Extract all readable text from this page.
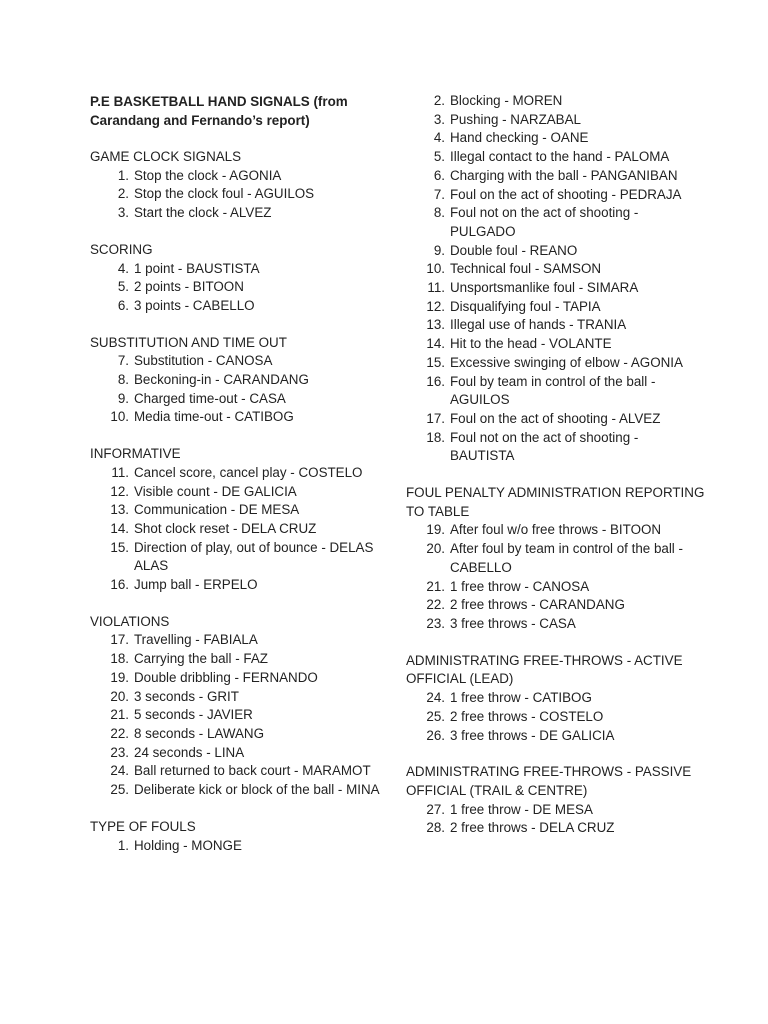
P.E BASKETBALL HAND SIGNALS (from Carandang and Fernando’s report)
GAME CLOCK SIGNALS
1. Stop the clock - AGONIA
2. Stop the clock foul - AGUILOS
3. Start the clock - ALVEZ
SCORING
4. 1 point - BAUSTISTA
5. 2 points - BITOON
6. 3 points - CABELLO
SUBSTITUTION AND TIME OUT
7. Substitution - CANOSA
8. Beckoning-in - CARANDANG
9. Charged time-out - CASA
10. Media time-out - CATIBOG
INFORMATIVE
11. Cancel score, cancel play - COSTELO
12. Visible count - DE GALICIA
13. Communication - DE MESA
14. Shot clock reset - DELA CRUZ
15. Direction of play, out of bounce - DELAS ALAS
16. Jump ball - ERPELO
VIOLATIONS
17. Travelling - FABIALA
18. Carrying the ball - FAZ
19. Double dribbling - FERNANDO
20. 3 seconds - GRIT
21. 5 seconds - JAVIER
22. 8 seconds - LAWANG
23. 24 seconds - LINA
24. Ball returned to back court - MARAMOT
25. Deliberate kick or block of the ball - MINA
TYPE OF FOULS
1. Holding - MONGE
2. Blocking - MOREN
3. Pushing - NARZABAL
4. Hand checking - OANE
5. Illegal contact to the hand - PALOMA
6. Charging with the ball - PANGANIBAN
7. Foul on the act of shooting - PEDRAJA
8. Foul not on the act of shooting - PULGADO
9. Double foul - REANO
10. Technical foul - SAMSON
11. Unsportsmanlike foul - SIMARA
12. Disqualifying foul - TAPIA
13. Illegal use of hands - TRANIA
14. Hit to the head - VOLANTE
15. Excessive swinging of elbow - AGONIA
16. Foul by team in control of the ball - AGUILOS
17. Foul on the act of shooting - ALVEZ
18. Foul not on the act of shooting - BAUTISTA
FOUL PENALTY ADMINISTRATION REPORTING TO TABLE
19. After foul w/o free throws - BITOON
20. After foul by team in control of the ball - CABELLO
21. 1 free throw - CANOSA
22. 2 free throws - CARANDANG
23. 3 free throws - CASA
ADMINISTRATING FREE-THROWS - ACTIVE OFFICIAL (LEAD)
24. 1 free throw - CATIBOG
25. 2 free throws - COSTELO
26. 3 free throws - DE GALICIA
ADMINISTRATING FREE-THROWS - PASSIVE OFFICIAL (TRAIL & CENTRE)
27. 1 free throw - DE MESA
28. 2 free throws - DELA CRUZ
